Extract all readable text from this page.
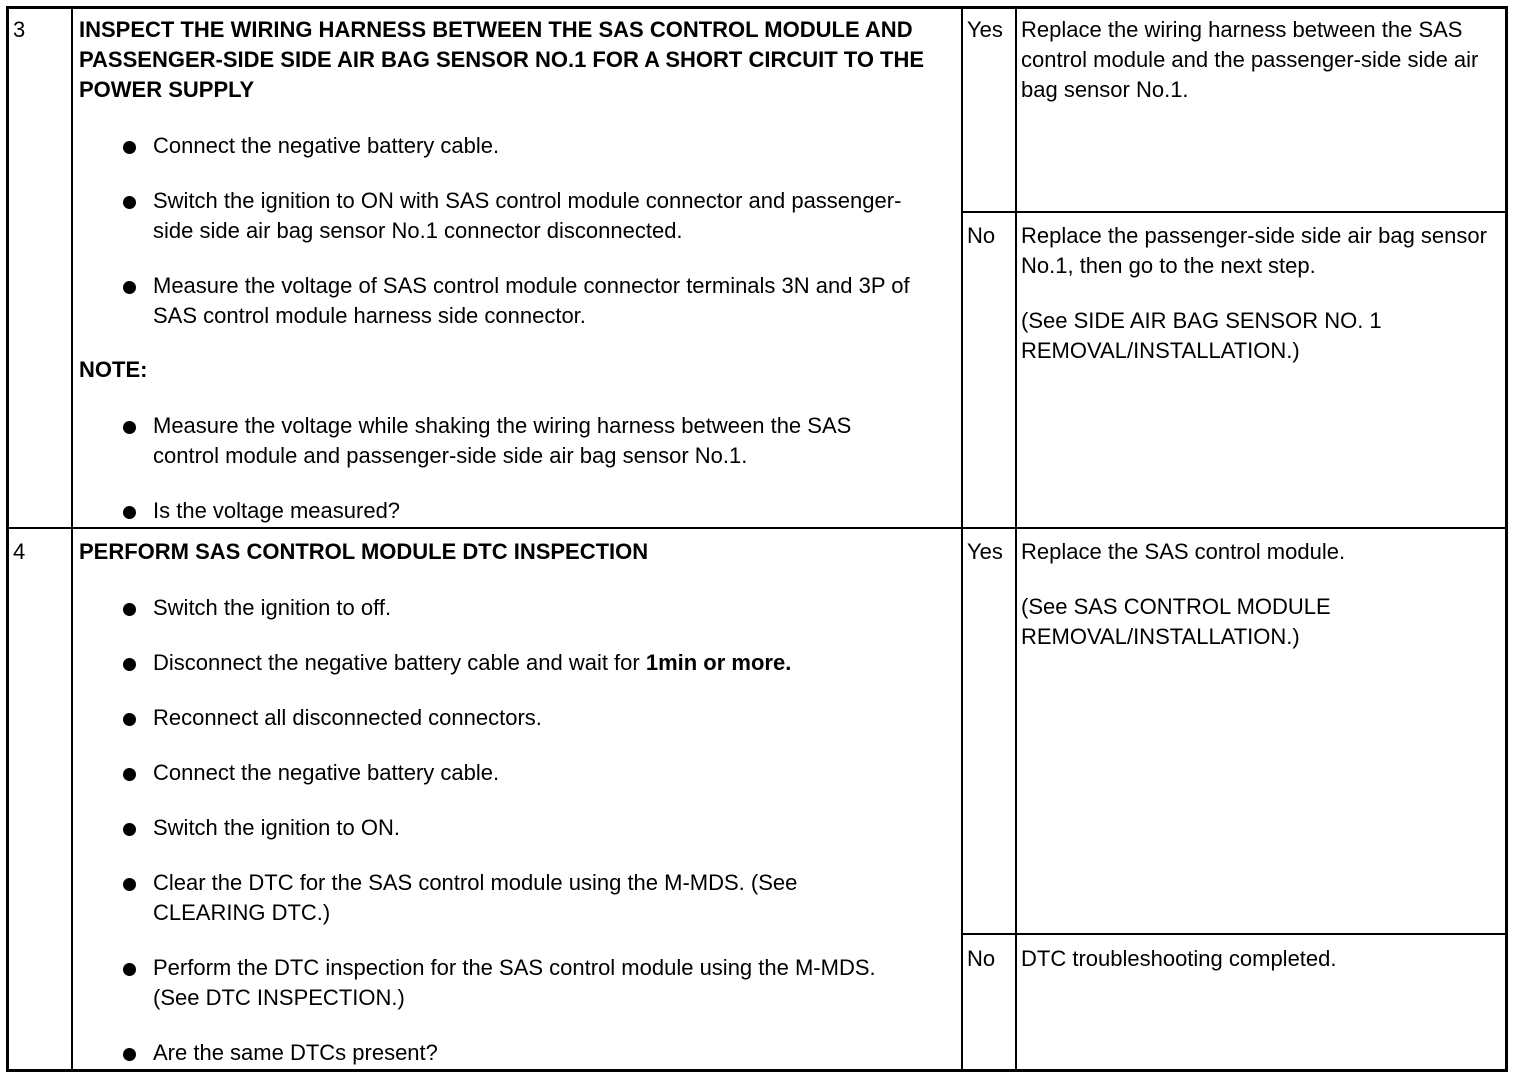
3 INSPECT THE WIRING HARNESS BETWEEN THE SAS CONTROL MODULE AND PASSENGER-SIDE SIDE AIR BAG SENSOR NO.1 FOR A SHORT CIRCUIT TO THE POWER SUPPLY
Connect the negative battery cable.
Switch the ignition to ON with SAS control module connector and passenger-side side air bag sensor No.1 connector disconnected.
Measure the voltage of SAS control module connector terminals 3N and 3P of SAS control module harness side connector.
NOTE:
Measure the voltage while shaking the wiring harness between the SAS control module and passenger-side side air bag sensor No.1.
Is the voltage measured?
Yes Replace the wiring harness between the SAS control module and the passenger-side side air bag sensor No.1.
No Replace the passenger-side side air bag sensor No.1, then go to the next step.
(See SIDE AIR BAG SENSOR NO. 1 REMOVAL/INSTALLATION.)
4 PERFORM SAS CONTROL MODULE DTC INSPECTION
Switch the ignition to off.
Disconnect the negative battery cable and wait for 1min or more.
Reconnect all disconnected connectors.
Connect the negative battery cable.
Switch the ignition to ON.
Clear the DTC for the SAS control module using the M-MDS. (See CLEARING DTC.)
Perform the DTC inspection for the SAS control module using the M-MDS. (See DTC INSPECTION.)
Are the same DTCs present?
Yes Replace the SAS control module.
(See SAS CONTROL MODULE REMOVAL/INSTALLATION.)
No DTC troubleshooting completed.
